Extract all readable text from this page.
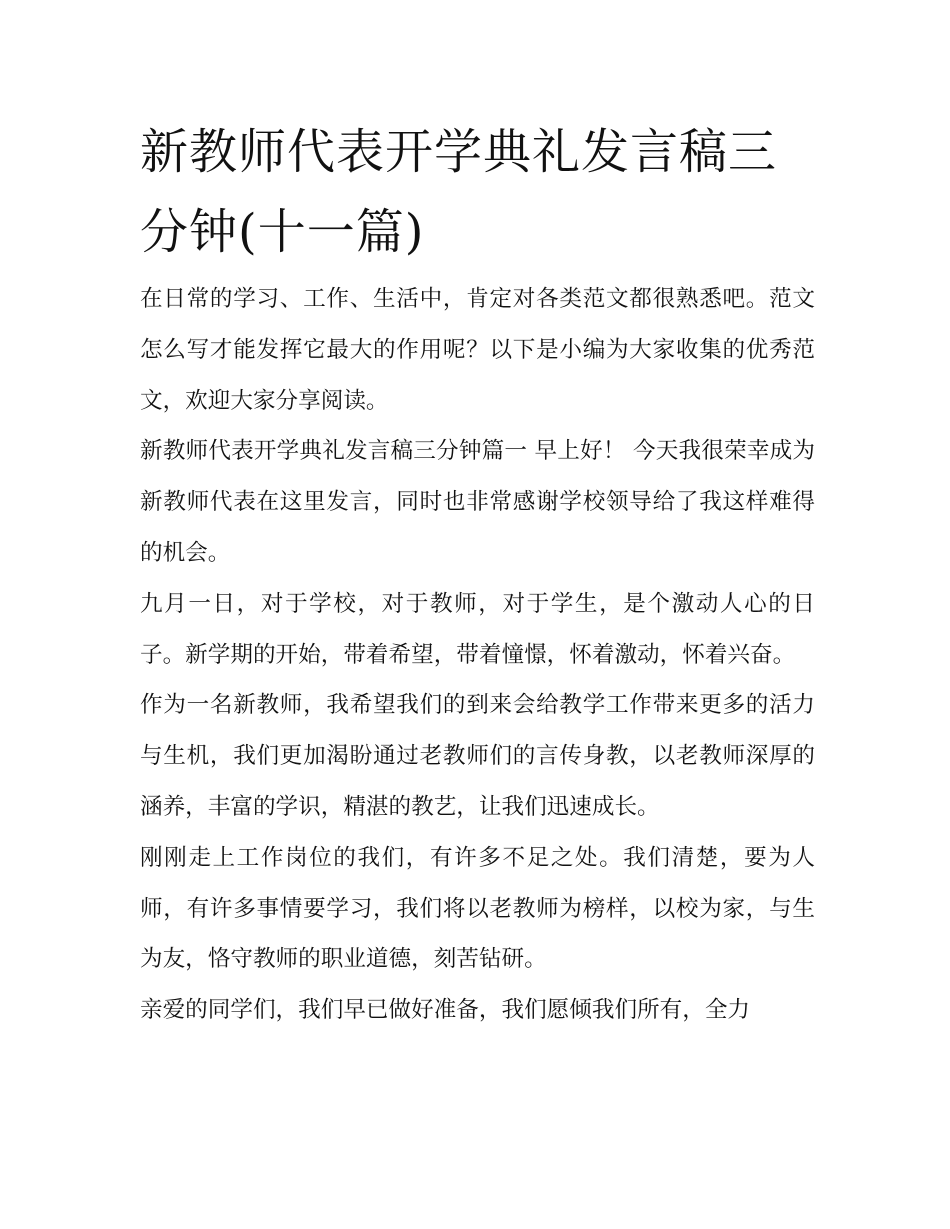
新教师代表开学典礼发言稿三分钟(十一篇)

在日常的学习、工作、生活中，肯定对各类范文都很熟悉吧。范文怎么写才能发挥它最大的作用呢？以下是小编为大家收集的优秀范文，欢迎大家分享阅读。

新教师代表开学典礼发言稿三分钟篇一 早上好！ 今天我很荣幸成为新教师代表在这里发言，同时也非常感谢学校领导给了我这样难得的机会。

九月一日，对于学校，对于教师，对于学生，是个激动人心的日子。新学期的开始，带着希望，带着憧憬，怀着激动，怀着兴奋。

作为一名新教师，我希望我们的到来会给教学工作带来更多的活力与生机，我们更加渴盼通过老教师们的言传身教，以老教师深厚的涵养，丰富的学识，精湛的教艺，让我们迅速成长。

刚刚走上工作岗位的我们，有许多不足之处。我们清楚，要为人师，有许多事情要学习，我们将以老教师为榜样，以校为家，与生为友，恪守教师的职业道德，刻苦钻研。

亲爱的同学们，我们早已做好准备，我们愿倾我们所有，全力
